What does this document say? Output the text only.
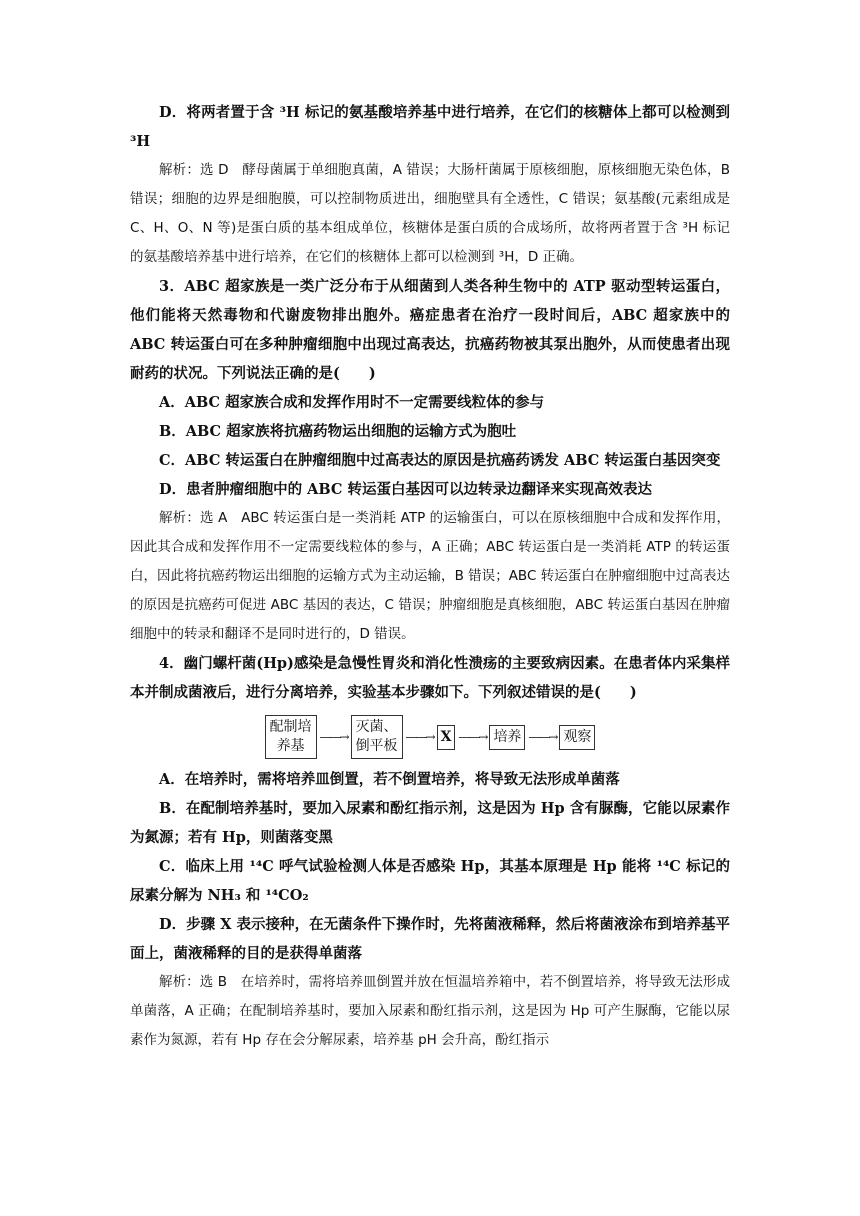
D．将两者置于含 ³H 标记的氨基酸培养基中进行培养，在它们的核糖体上都可以检测到 ³H

解析：选 D　酵母菌属于单细胞真菌，A 错误；大肠杆菌属于原核细胞，原核细胞无染色体，B 错误；细胞的边界是细胞膜，可以控制物质进出，细胞壁具有全透性，C 错误；氨基酸(元素组成是 C、H、O、N 等)是蛋白质的基本组成单位，核糖体是蛋白质的合成场所，故将两者置于含 ³H 标记的氨基酸培养基中进行培养，在它们的核糖体上都可以检测到 ³H，D 正确。

3．ABC 超家族是一类广泛分布于从细菌到人类各种生物中的 ATP 驱动型转运蛋白，他们能将天然毒物和代谢废物排出胞外。癌症患者在治疗一段时间后，ABC 超家族中的 ABC 转运蛋白可在多种肿瘤细胞中出现过高表达，抗癌药物被其泵出胞外，从而使患者出现耐药的状况。下列说法正确的是(　　)

A．ABC 超家族合成和发挥作用时不一定需要线粒体的参与

B．ABC 超家族将抗癌药物运出细胞的运输方式为胞吐

C．ABC 转运蛋白在肿瘤细胞中过高表达的原因是抗癌药诱发 ABC 转运蛋白基因突变

D．患者肿瘤细胞中的 ABC 转运蛋白基因可以边转录边翻译来实现高效表达

解析：选 A　ABC 转运蛋白是一类消耗 ATP 的运输蛋白，可以在原核细胞中合成和发挥作用，因此其合成和发挥作用不一定需要线粒体的参与，A 正确；ABC 转运蛋白是一类消耗 ATP 的转运蛋白，因此将抗癌药物运出细胞的运输方式为主动运输，B 错误；ABC 转运蛋白在肿瘤细胞中过高表达的原因是抗癌药可促进 ABC 基因的表达，C 错误；肿瘤细胞是真核细胞，ABC 转运蛋白基因在肿瘤细胞中的转录和翻译不是同时进行的，D 错误。

4．幽门螺杆菌(Hp)感染是急慢性胃炎和消化性溃疡的主要致病因素。在患者体内采集样本并制成菌液后，进行分离培养，实验基本步骤如下。下列叙述错误的是(　　)

配制培养基
——→
灭菌、倒平板
——→ X ——→ 培养 ——→ 观察

A．在培养时，需将培养皿倒置，若不倒置培养，将导致无法形成单菌落

B．在配制培养基时，要加入尿素和酚红指示剂，这是因为 Hp 含有脲酶，它能以尿素作为氮源；若有 Hp，则菌落变黑

C．临床上用 ¹⁴C 呼气试验检测人体是否感染 Hp，其基本原理是 Hp 能将 ¹⁴C 标记的尿素分解为 NH₃ 和 ¹⁴CO₂

D．步骤 X 表示接种，在无菌条件下操作时，先将菌液稀释，然后将菌液涂布到培养基平面上，菌液稀释的目的是获得单菌落

解析：选 B　在培养时，需将培养皿倒置并放在恒温培养箱中，若不倒置培养，将导致无法形成单菌落，A 正确；在配制培养基时，要加入尿素和酚红指示剂，这是因为 Hp 可产生脲酶，它能以尿素作为氮源，若有 Hp 存在会分解尿素，培养基 pH 会升高，酚红指示
